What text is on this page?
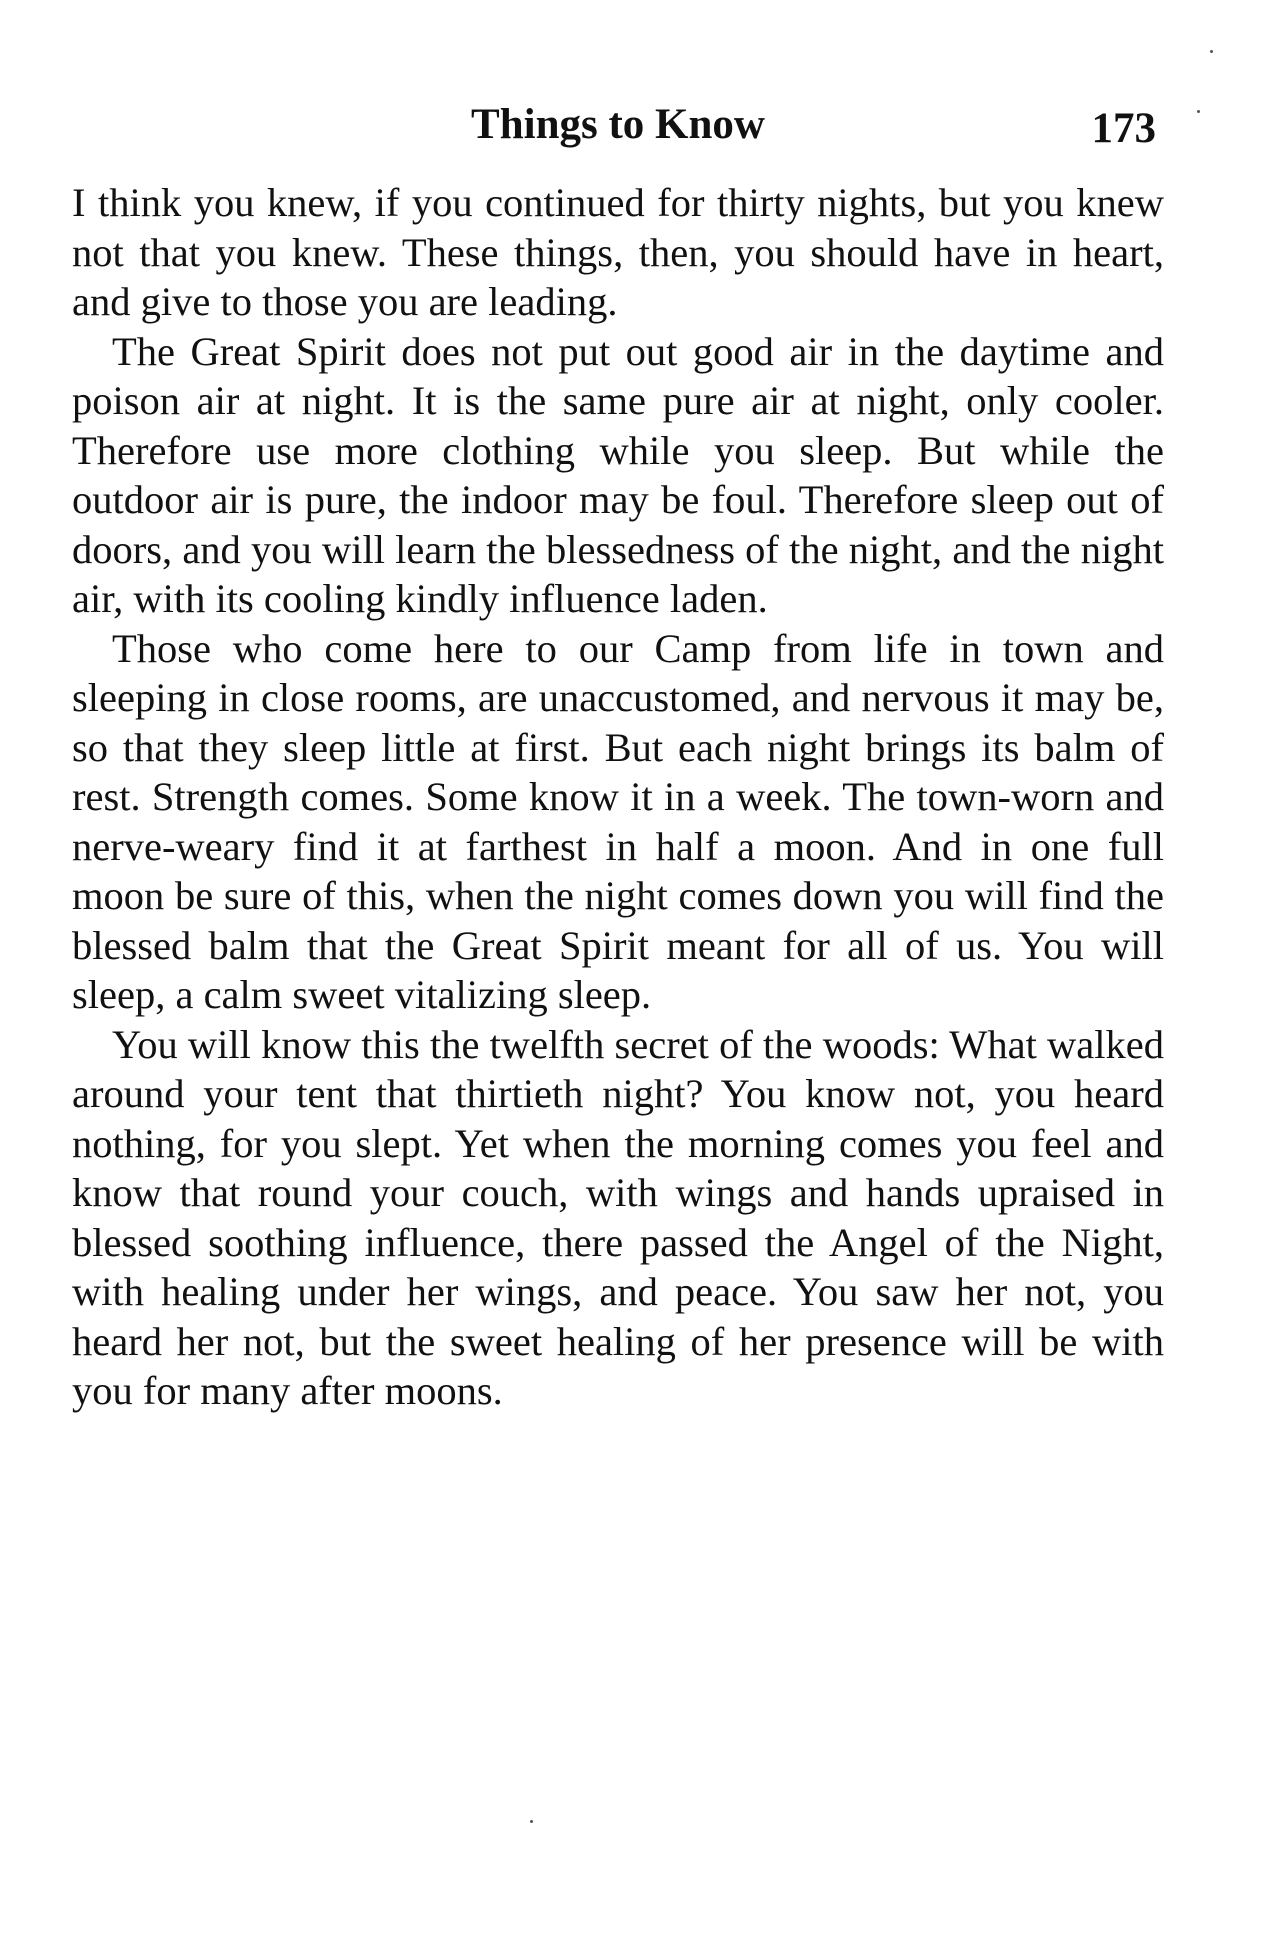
Things to Know	173

I think you knew, if you continued for thirty nights, but you knew not that you knew. These things, then, you should have in heart, and give to those you are leading.

The Great Spirit does not put out good air in the daytime and poison air at night. It is the same pure air at night, only cooler. Therefore use more clothing while you sleep. But while the outdoor air is pure, the indoor may be foul. Therefore sleep out of doors, and you will learn the blessedness of the night, and the night air, with its cooling kindly influence laden.

Those who come here to our Camp from life in town and sleeping in close rooms, are unaccustomed, and nervous it may be, so that they sleep little at first. But each night brings its balm of rest. Strength comes. Some know it in a week. The town-worn and nerve-weary find it at farthest in half a moon. And in one full moon be sure of this, when the night comes down you will find the blessed balm that the Great Spirit meant for all of us. You will sleep, a calm sweet vitalizing sleep.

You will know this the twelfth secret of the woods: What walked around your tent that thirtieth night? You know not, you heard nothing, for you slept. Yet when the morning comes you feel and know that round your couch, with wings and hands upraised in blessed soothing influence, there passed the Angel of the Night, with healing under her wings, and peace. You saw her not, you heard her not, but the sweet healing of her presence will be with you for many after moons.
